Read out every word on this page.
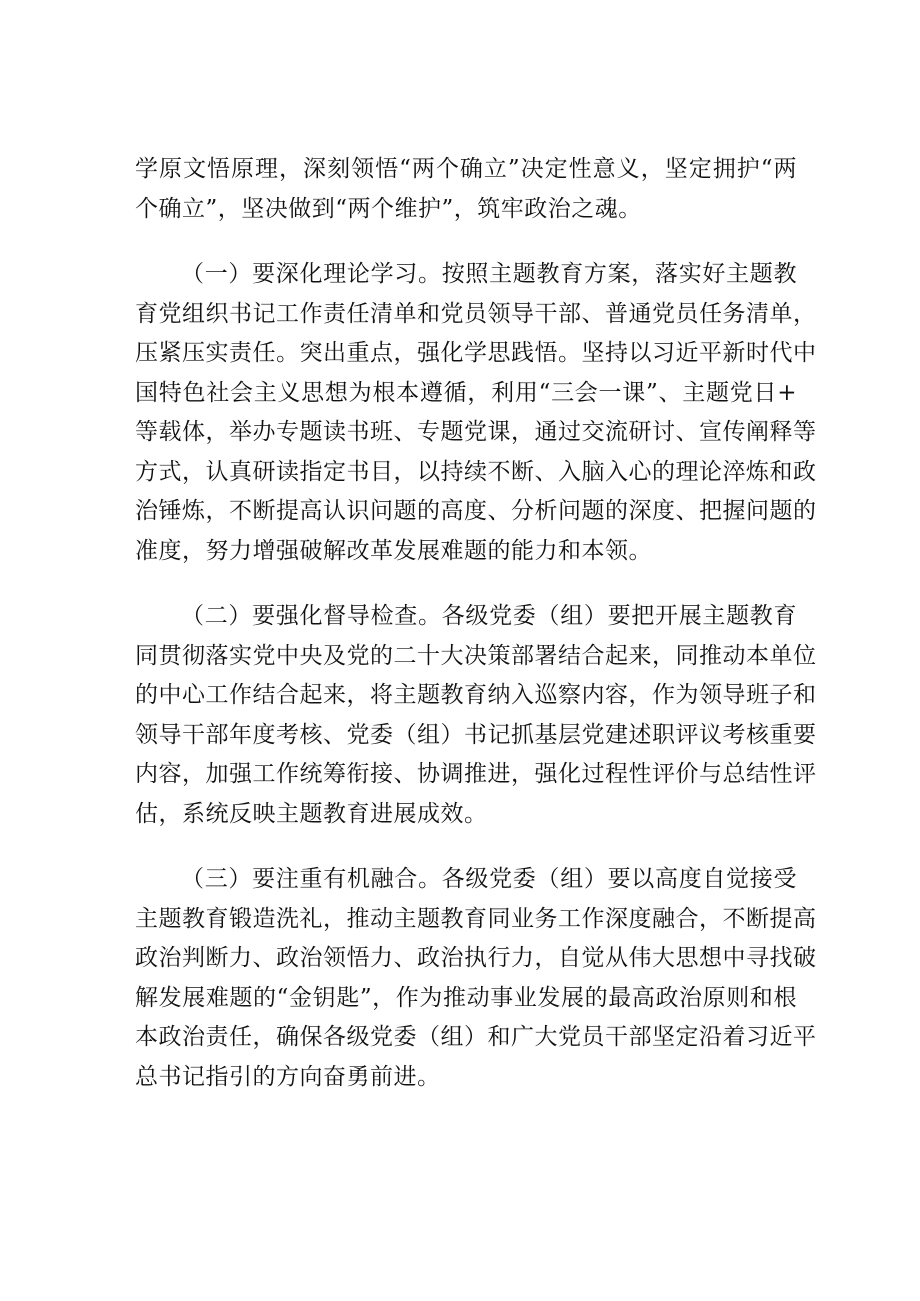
学原文悟原理，深刻领悟“两个确立”决定性意义，坚定拥护“两
个确立”，坚决做到“两个维护”，筑牢政治之魂。
（一）要深化理论学习。按照主题教育方案，落实好主题教
育党组织书记工作责任清单和党员领导干部、普通党员任务清单，
压紧压实责任。突出重点，强化学思践悟。坚持以习近平新时代中
国特色社会主义思想为根本遵循，利用“三会一课”、主题党日+
等载体，举办专题读书班、专题党课，通过交流研讨、宣传阐释等
方式，认真研读指定书目，以持续不断、入脑入心的理论淬炼和政
治锤炼，不断提高认识问题的高度、分析问题的深度、把握问题的
准度，努力增强破解改革发展难题的能力和本领。
（二）要强化督导检查。各级党委（组）要把开展主题教育
同贯彻落实党中央及党的二十大决策部署结合起来，同推动本单位
的中心工作结合起来，将主题教育纳入巡察内容，作为领导班子和
领导干部年度考核、党委（组）书记抓基层党建述职评议考核重要
内容，加强工作统筹衔接、协调推进，强化过程性评价与总结性评
估，系统反映主题教育进展成效。
（三）要注重有机融合。各级党委（组）要以高度自觉接受
主题教育锻造洗礼，推动主题教育同业务工作深度融合，不断提高
政治判断力、政治领悟力、政治执行力，自觉从伟大思想中寻找破
解发展难题的“金钥匙”，作为推动事业发展的最高政治原则和根
本政治责任，确保各级党委（组）和广大党员干部坚定沿着习近平
总书记指引的方向奋勇前进。
